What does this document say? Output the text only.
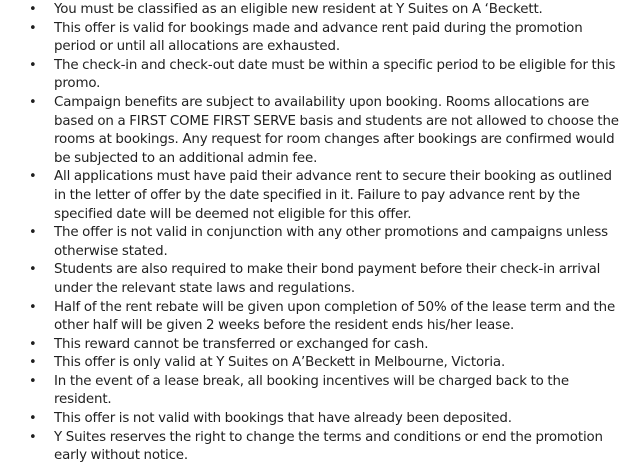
• You must be classified as an eligible new resident at Y Suites on A ‘Beckett.
• This offer is valid for bookings made and advance rent paid during the promotion period or until all allocations are exhausted.
• The check-in and check-out date must be within a specific period to be eligible for this promo.
• Campaign benefits are subject to availability upon booking. Rooms allocations are based on a FIRST COME FIRST SERVE basis and students are not allowed to choose the rooms at bookings. Any request for room changes after bookings are confirmed would be subjected to an additional admin fee.
• All applications must have paid their advance rent to secure their booking as outlined in the letter of offer by the date specified in it. Failure to pay advance rent by the specified date will be deemed not eligible for this offer.
• The offer is not valid in conjunction with any other promotions and campaigns unless otherwise stated.
• Students are also required to make their bond payment before their check-in arrival under the relevant state laws and regulations.
• Half of the rent rebate will be given upon completion of 50% of the lease term and the other half will be given 2 weeks before the resident ends his/her lease.
• This reward cannot be transferred or exchanged for cash.
• This offer is only valid at Y Suites on A’Beckett in Melbourne, Victoria.
• In the event of a lease break, all booking incentives will be charged back to the resident.
• This offer is not valid with bookings that have already been deposited.
• Y Suites reserves the right to change the terms and conditions or end the promotion early without notice.
